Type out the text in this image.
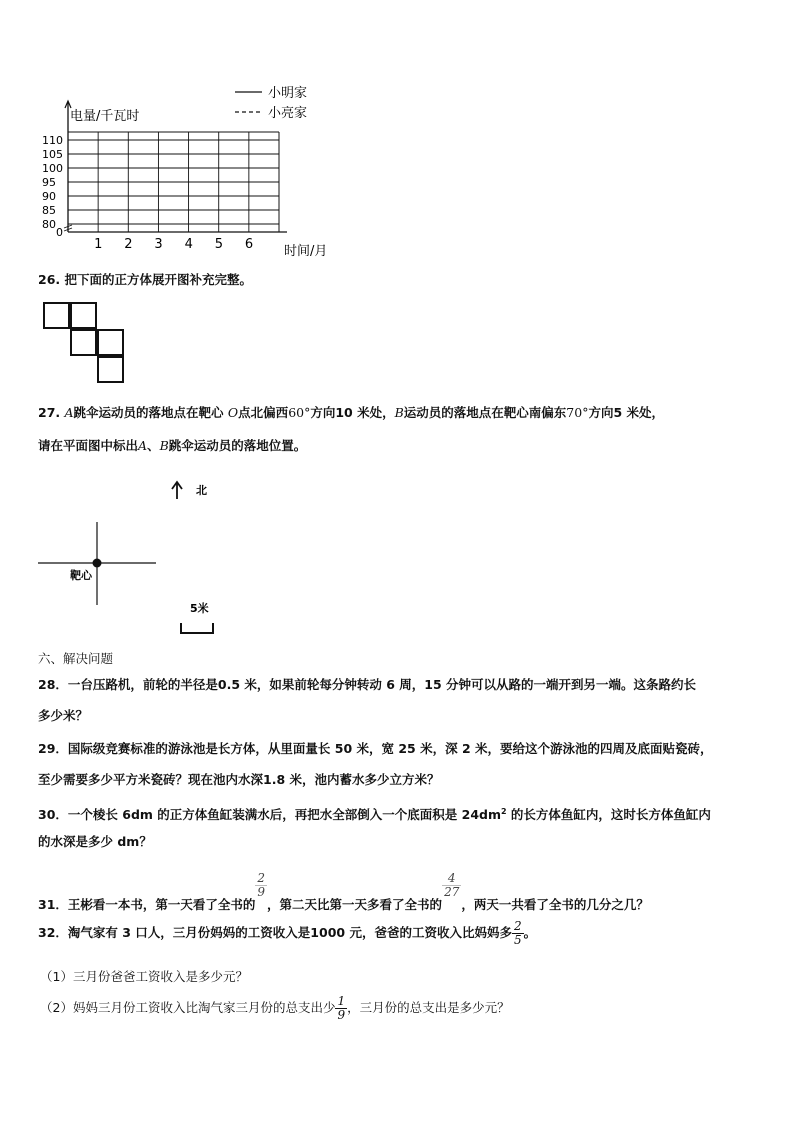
电量/千瓦时
时间/月
1 2 3 4 5 6
0
80
85
90
95
100
105
110
小明家
小亮家
26. 把下面的正方体展开图补充完整。
27. A跳伞运动员的落地点在靶心 O点北偏西60°方向10 米处，B运动员的落地点在靶心南偏东70°方向5 米处，
请在平面图中标出A、B跳伞运动员的落地位置。
北
靶心
5米
六、解决问题
28．一台压路机，前轮的半径是0.5 米，如果前轮每分钟转动 6 周，15 分钟可以从路的一端开到另一端。这条路约长
多少米？
29．国际级竞赛标准的游泳池是长方体，从里面量长 50 米，宽 25 米，深 2 米，要给这个游泳池的四周及底面贴瓷砖，
至少需要多少平方米瓷砖？现在池内水深1.8 米，池内蓄水多少立方米？
30．一个棱长 6dm 的正方体鱼缸装满水后，再把水全部倒入一个底面积是 $24dm^2$ 的长方体鱼缸内，这时长方体鱼缸内
的水深是多少 dm？
31．王彬看一本书，第一天看了全书的
$\frac{2}{9}$
，第二天比第一天多看了全书的
$\frac{4}{27}$
，两天一共看了全书的几分之几？
32．淘气家有 3 口人，三月份妈妈的工资收入是1000 元，爸爸的工资收入比妈妈多 $\frac{2}{5}$ 。
（1）三月份爸爸工资收入是多少元？
（2）妈妈三月份工资收入比淘气家三月份的总支出少 $\frac{1}{9}$ ，三月份的总支出是多少元？
